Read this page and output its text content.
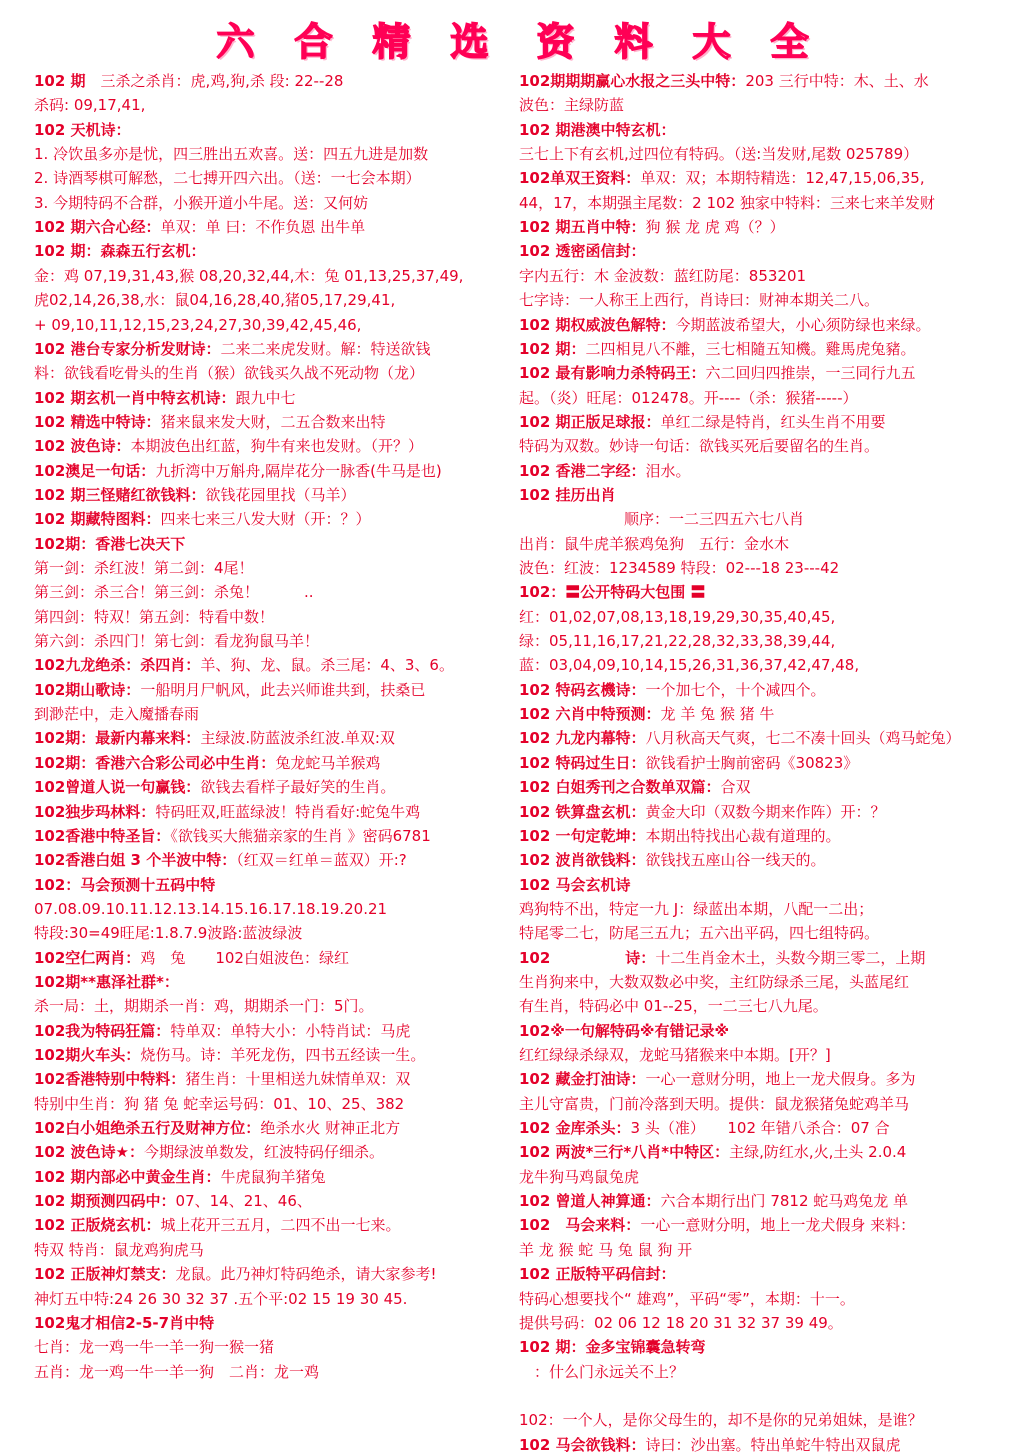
六 合 精 选 资 料 大 全
102 期　三杀之杀肖：虎,鸡,狗,杀 段: 22--28
杀码: 09,17,41,
102 天机诗：
1. 冷饮虽多亦是忧，四三胜出五欢喜。送：四五九进是加数
2. 诗酒琴棋可解愁，二七搏开四六出。（送：一七会本期）
3. 今期特码不合群，小猴开道小牛尾。送：又何妨
102 期六合心经：单双：单 曰：不作负恩 出牛单
102 期：森森五行玄机：
金：鸡 07,19,31,43,猴 08,20,32,44,木：兔 01,13,25,37,49,
虎02,14,26,38,水：鼠04,16,28,40,猪05,17,29,41,
+ 09,10,11,12,15,23,24,27,30,39,42,45,46,
102 港台专家分析发财诗：二来二来虎发财。解：特送欲钱
料：欲钱看吃骨头的生肖（猴）欲钱买久战不死动物（龙）
102 期玄机一肖中特玄机诗：跟九中七
102 精选中特诗：猪来鼠来发大财，二五合数来出特
102 波色诗：本期波色出红蓝，狗牛有来也发财。（开？）
102澳足一句话：九折湾中万斛舟,隔岸花分一脉香(牛马是也)
102 期三怪赌红欲钱料：欲钱花园里找（马羊）
102 期藏特图料：四来七来三八发大财（开：？）
102期：香港七决天下
第一剑：杀红波！第二剑：4尾！
第三剑：杀三合！第三剑：杀兔！　　　..
第四剑：特双！第五剑：特看中数！
第六剑：杀四门！第七剑：看龙狗鼠马羊！
102九龙绝杀：杀四肖：羊、狗、龙、鼠。杀三尾：4、3、6。
102期山歌诗：一船明月尸帆风，此去兴师谁共到，扶桑已
到渺茫中，走入魔播春雨
102期：最新内幕来料：主绿波.防蓝波杀红波.单双:双
102期：香港六合彩公司必中生肖：兔龙蛇马羊猴鸡
102曾道人说一句赢钱：欲钱去看样子最好笑的生肖。
102独步玛林料：特码旺双,旺蓝绿波！特肖看好:蛇兔牛鸡
102香港中特圣旨：《欲钱买大熊猫亲家的生肖 》密码6781
102香港白姐 3 个半波中特：（红双＝红单＝蓝双）开:?
102：马会预测十五码中特
07.08.09.10.11.12.13.14.15.16.17.18.19.20.21
特段:30=49旺尾:1.8.7.9波路:蓝波绿波
102空仁两肖：鸡　兔　　102白姐波色：绿红
102期**惠泽社群*：
杀一局：土，期期杀一肖：鸡，期期杀一门：5门。
102我为特码狂篇：特单双：单特大小：小特肖试：马虎
102期火车头：烧伤马。诗：羊死龙伤，四书五经读一生。
102香港特别中特料：猪生肖：十里相送九妹情单双：双
特别中生肖：狗 猪 兔 蛇幸运号码：01、10、25、382
102白小姐绝杀五行及财神方位：绝杀水火 财神正北方
102 波色诗★：今期绿波单数发，红波特码仔细杀。
102 期内部必中黄金生肖：牛虎鼠狗羊猪兔
102 期预测四码中：07、14、21、46、
102 正版烧玄机：城上花开三五月，二四不出一七来。
特双 特肖：鼠龙鸡狗虎马
102 正版神灯禁支：龙鼠。此乃神灯特码绝杀，请大家参考!
神灯五中特:24 26 30 32 37 .五个平:02 15 19 30 45.
102鬼才相信2-5-7肖中特
七肖：龙一鸡一牛一羊一狗一猴一猪
五肖：龙一鸡一牛一羊一狗　二肖：龙一鸡
102期期期赢心水报之三头中特：203 三行中特：木、土、水
波色：主绿防蓝
102 期港澳中特玄机：
三七上下有玄机,过四位有特码。（送:当发财,尾数 025789）
102单双王资料：单双：双；本期特精选：12,47,15,06,35,
44，17，本期强主尾数：2 102 独家中特料：三来七来羊发财
102 期五肖中特：狗 猴 龙 虎 鸡（？）
102 透密函信封：
字内五行：木 金波数：蓝红防尾：853201
七字诗：一人称王上西行，肖诗曰：财神本期关二八。
102 期权威波色解特：今期蓝波希望大，小心须防绿也来绿。
102 期：二四相見八不離，三七相隨五知機。雞馬虎兔豬。
102 最有影响力杀特码王：六二回归四推崇，一三同行九五
起。（炎）旺尾：012478。开----（杀：猴猪-----）
102 期正版足球报：单红二绿是特肖，红头生肖不用要
特码为双数。妙诗一句话：欲钱买死后要留名的生肖。
102 香港二字经：泪水。
102 挂历出肖
　　　　　　　顺序：一二三四五六七八肖
出肖：鼠牛虎羊猴鸡兔狗　五行：金水木
波色：红波：1234589 特段：02---18 23---42
102：〓公开特码大包围 〓
红：01,02,07,08,13,18,19,29,30,35,40,45,
绿：05,11,16,17,21,22,28,32,33,38,39,44,
蓝：03,04,09,10,14,15,26,31,36,37,42,47,48,
102 特码玄機诗：一个加七个，十个减四个。
102 六肖中特预测：龙 羊 兔 猴 猪 牛
102 九龙内幕特：八月秋高天气爽，七二不凑十回头（鸡马蛇兔）
102 特码过生日：欲钱看护士胸前密码《30823》
102 白姐秀刊之合数单双篇：合双
102 铁算盘玄机：黄金大印（双数今期来作阵）开：？
102 一句定乾坤：本期出特找出心裁有道理的。
102 波肖欲钱料：欲钱找五座山谷一线天的。
102 马会玄机诗
鸡狗特不出，特定一九 J：绿蓝出本期，八配一二出；
特尾零二七，防尾三五九；五六出平码，四七组特码。
102　　　　　诗：十二生肖金木土，头数今期三零二，上期
生肖狗来中，大数双数必中奖，主红防绿杀三尾，头蓝尾红
有生肖，特码必中 01--25，一二三七八九尾。
102※一句解特码※有错记录※
红红绿绿杀绿双，龙蛇马猪猴来中本期。[开？]
102 藏金打油诗：一心一意财分明，地上一龙犬假身。多为
主儿守富贵，门前冷落到天明。提供：鼠龙猴猪兔蛇鸡羊马
102 金库杀头：3 头（准）　　102 年错八杀合：07 合
102 两波*三行*八肖*中特区：主绿,防红水,火,土头 2.0.4
龙牛狗马鸡鼠兔虎
102 曾道人神算通：六合本期行出门 7812 蛇马鸡兔龙 单
102　马会来料：一心一意财分明，地上一龙犬假身 来料：
羊 龙 猴 蛇 马 兔 鼠 狗 开
102 正版特平码信封：
特码心想要找个“ 雄鸡”，平码“零”，本期：十一。
提供号码：02 06 12 18 20 31 32 37 39 49。
102 期：金多宝锦囊急转弯
　：什么门永远关不上？
102：一个人，是你父母生的，却不是你的兄弟姐妹，是谁？
102 马会欲钱料：诗曰：沙出塞。特出单蛇牛特出双鼠虎
